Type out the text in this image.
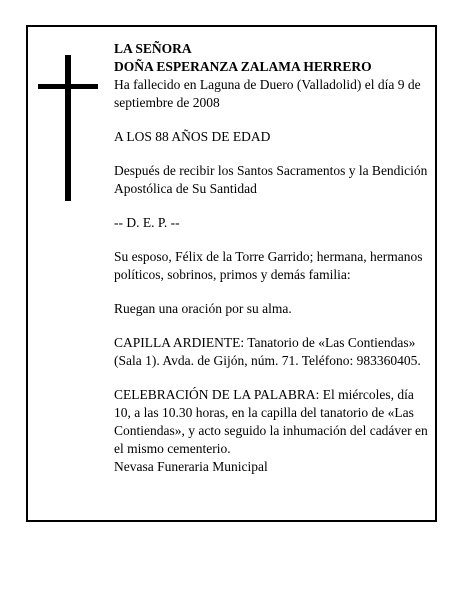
LA SEÑORA
DOÑA ESPERANZA ZALAMA HERRERO
Ha fallecido en Laguna de Duero (Valladolid) el día 9 de septiembre de 2008

A LOS 88 AÑOS DE EDAD

Después de recibir los Santos Sacramentos y la Bendición Apostólica de Su Santidad

-- D. E. P. --

Su esposo, Félix de la Torre Garrido; hermana, hermanos políticos, sobrinos, primos y demás familia:

Ruegan una oración por su alma.

CAPILLA ARDIENTE: Tanatorio de «Las Contiendas» (Sala 1). Avda. de Gijón, núm. 71. Teléfono: 983360405.

CELEBRACIÓN DE LA PALABRA: El miércoles, día 10, a las 10.30 horas, en la capilla del tanatorio de «Las Contiendas», y acto seguido la inhumación del cadáver en el mismo cementerio.

Nevasa Funeraria Municipal
